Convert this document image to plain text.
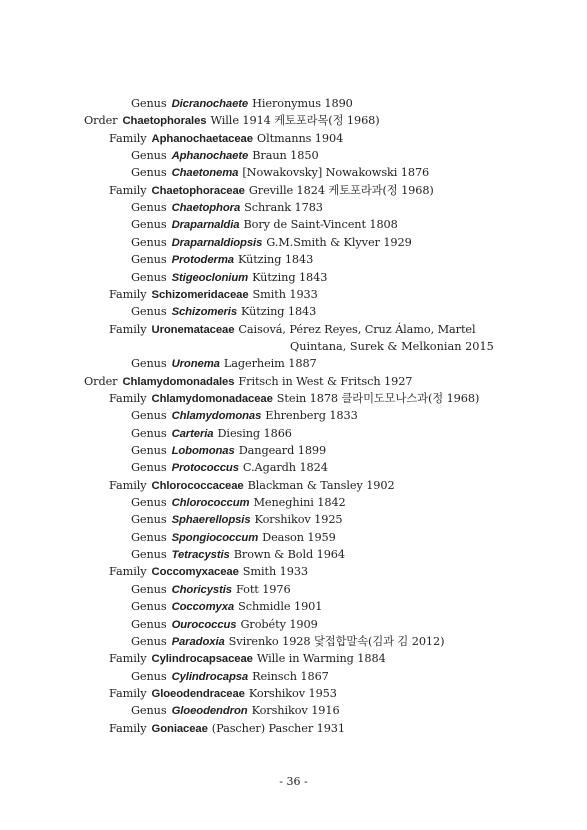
Genus Dicranochaete Hieronymus 1890
Order Chaetophorales Wille 1914 케토포라목(정 1968)
Family Aphanochaetaceae Oltmanns 1904
Genus Aphanochaete Braun 1850
Genus Chaetonema [Nowakovsky] Nowakowski 1876
Family Chaetophoraceae Greville 1824 케토포라과(정 1968)
Genus Chaetophora Schrank 1783
Genus Draparnaldia Bory de Saint-Vincent 1808
Genus Draparnaldiopsis G.M.Smith & Klyver 1929
Genus Protoderma Kützing 1843
Genus Stigeoclonium Kützing 1843
Family Schizomeridaceae Smith 1933
Genus Schizomeris Kützing 1843
Family Uronemataceae Caisová, Pérez Reyes, Cruz Álamo, Martel
Quintana, Surek & Melkonian 2015
Genus Uronema Lagerheim 1887
Order Chlamydomonadales Fritsch in West & Fritsch 1927
Family Chlamydomonadaceae Stein 1878 클라미도모나스과(정 1968)
Genus Chlamydomonas Ehrenberg 1833
Genus Carteria Diesing 1866
Genus Lobomonas Dangeard 1899
Genus Protococcus C.Agardh 1824
Family Chlorococcaceae Blackman & Tansley 1902
Genus Chlorococcum Meneghini 1842
Genus Sphaerellopsis Korshikov 1925
Genus Spongiococcum Deason 1959
Genus Tetracystis Brown & Bold 1964
Family Coccomyxaceae Smith 1933
Genus Choricystis Fott 1976
Genus Coccomyxa Schmidle 1901
Genus Ourococcus Grobéty 1909
Genus Paradoxia Svirenko 1928 닻접합말속(김과 김 2012)
Family Cylindrocapsaceae Wille in Warming 1884
Genus Cylindrocapsa Reinsch 1867
Family Gloeodendraceae Korshikov 1953
Genus Gloeodendron Korshikov 1916
Family Goniaceae (Pascher) Pascher 1931
- 36 -
